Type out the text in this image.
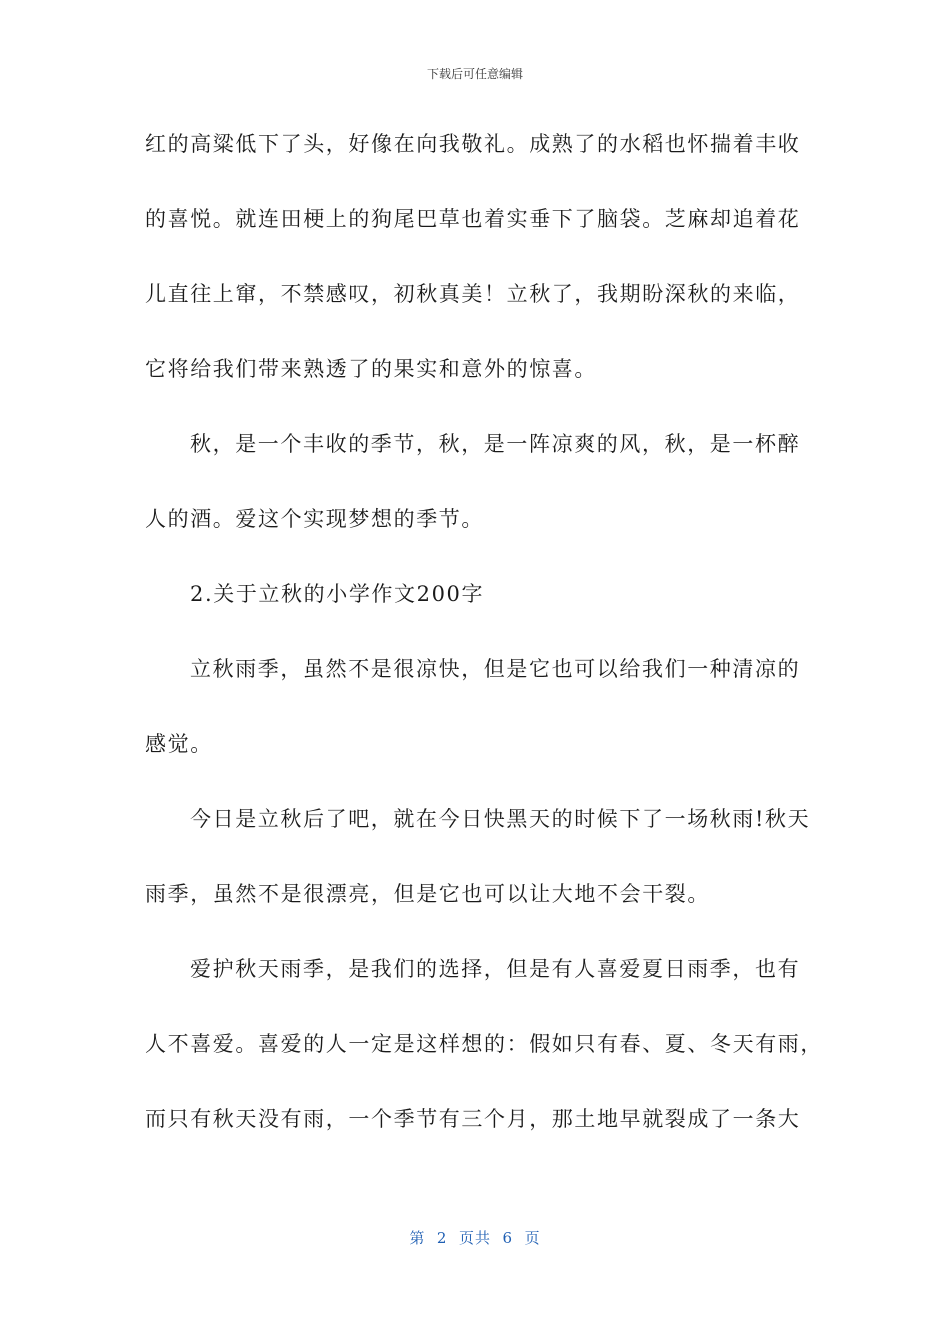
下载后可任意编辑
红的高粱低下了头，好像在向我敬礼。成熟了的水稻也怀揣着丰收
的喜悦。就连田梗上的狗尾巴草也着实垂下了脑袋。芝麻却追着花
儿直往上窜，不禁感叹，初秋真美！立秋了，我期盼深秋的来临，
它将给我们带来熟透了的果实和意外的惊喜。
秋，是一个丰收的季节，秋，是一阵凉爽的风，秋，是一杯醉
人的酒。爱这个实现梦想的季节。
2.关于立秋的小学作文200字
立秋雨季，虽然不是很凉快，但是它也可以给我们一种清凉的
感觉。
今日是立秋后了吧，就在今日快黑天的时候下了一场秋雨!秋天
雨季，虽然不是很漂亮，但是它也可以让大地不会干裂。
爱护秋天雨季，是我们的选择，但是有人喜爱夏日雨季，也有
人不喜爱。喜爱的人一定是这样想的：假如只有春、夏、冬天有雨，
而只有秋天没有雨，一个季节有三个月，那土地早就裂成了一条大
第  2  页共  6  页
